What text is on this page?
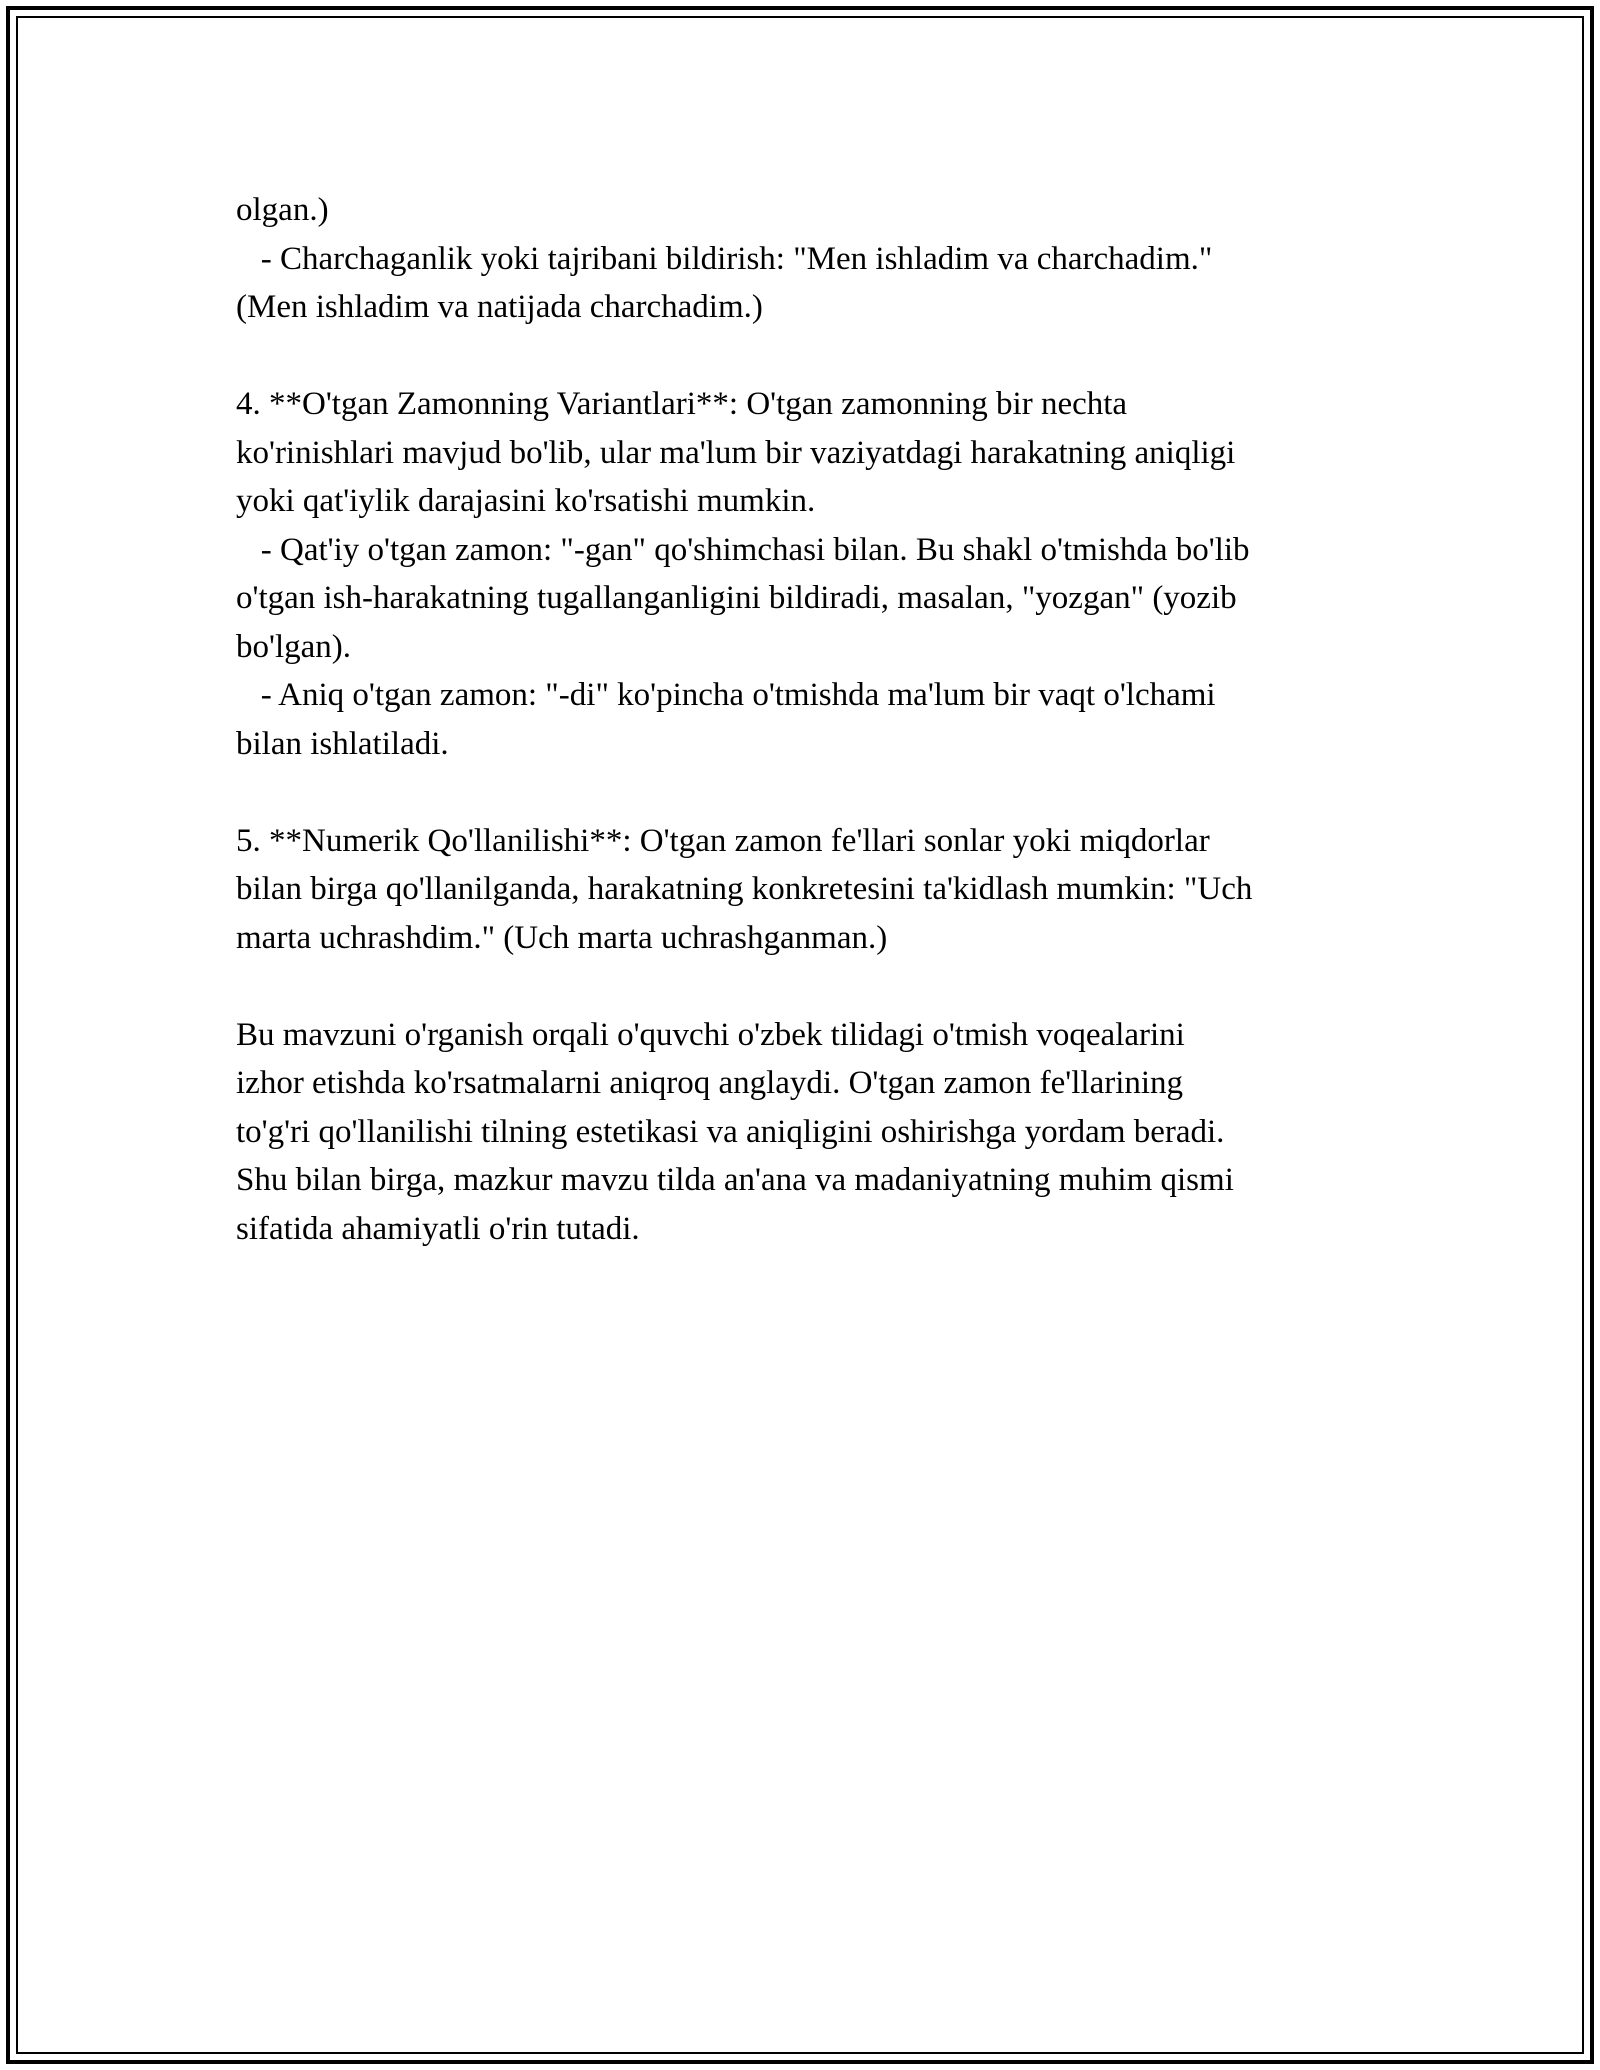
olgan.)

- Charchaganlik yoki tajribani bildirish: "Men ishladim va charchadim."

(Men ishladim va natijada charchadim.)

4. **O'tgan Zamonning Variantlari**: O'tgan zamonning bir nechta

ko'rinishlari mavjud bo'lib, ular ma'lum bir vaziyatdagi harakatning aniqligi

yoki qat'iylik darajasini ko'rsatishi mumkin.

- Qat'iy o'tgan zamon: "-gan" qo'shimchasi bilan. Bu shakl o'tmishda bo'lib

o'tgan ish-harakatning tugallanganligini bildiradi, masalan, "yozgan" (yozib

bo'lgan).

- Aniq o'tgan zamon: "-di" ko'pincha o'tmishda ma'lum bir vaqt o'lchami

bilan ishlatiladi.

5. **Numerik Qo'llanilishi**: O'tgan zamon fe'llari sonlar yoki miqdorlar

bilan birga qo'llanilganda, harakatning konkretesini ta'kidlash mumkin: "Uch

marta uchrashdim." (Uch marta uchrashganman.)

Bu mavzuni o'rganish orqali o'quvchi o'zbek tilidagi o'tmish voqealarini

izhor etishda ko'rsatmalarni aniqroq anglaydi. O'tgan zamon fe'llarining

to'g'ri qo'llanilishi tilning estetikasi va aniqligini oshirishga yordam beradi.

Shu bilan birga, mazkur mavzu tilda an'ana va madaniyatning muhim qismi

sifatida ahamiyatli o'rin tutadi.
